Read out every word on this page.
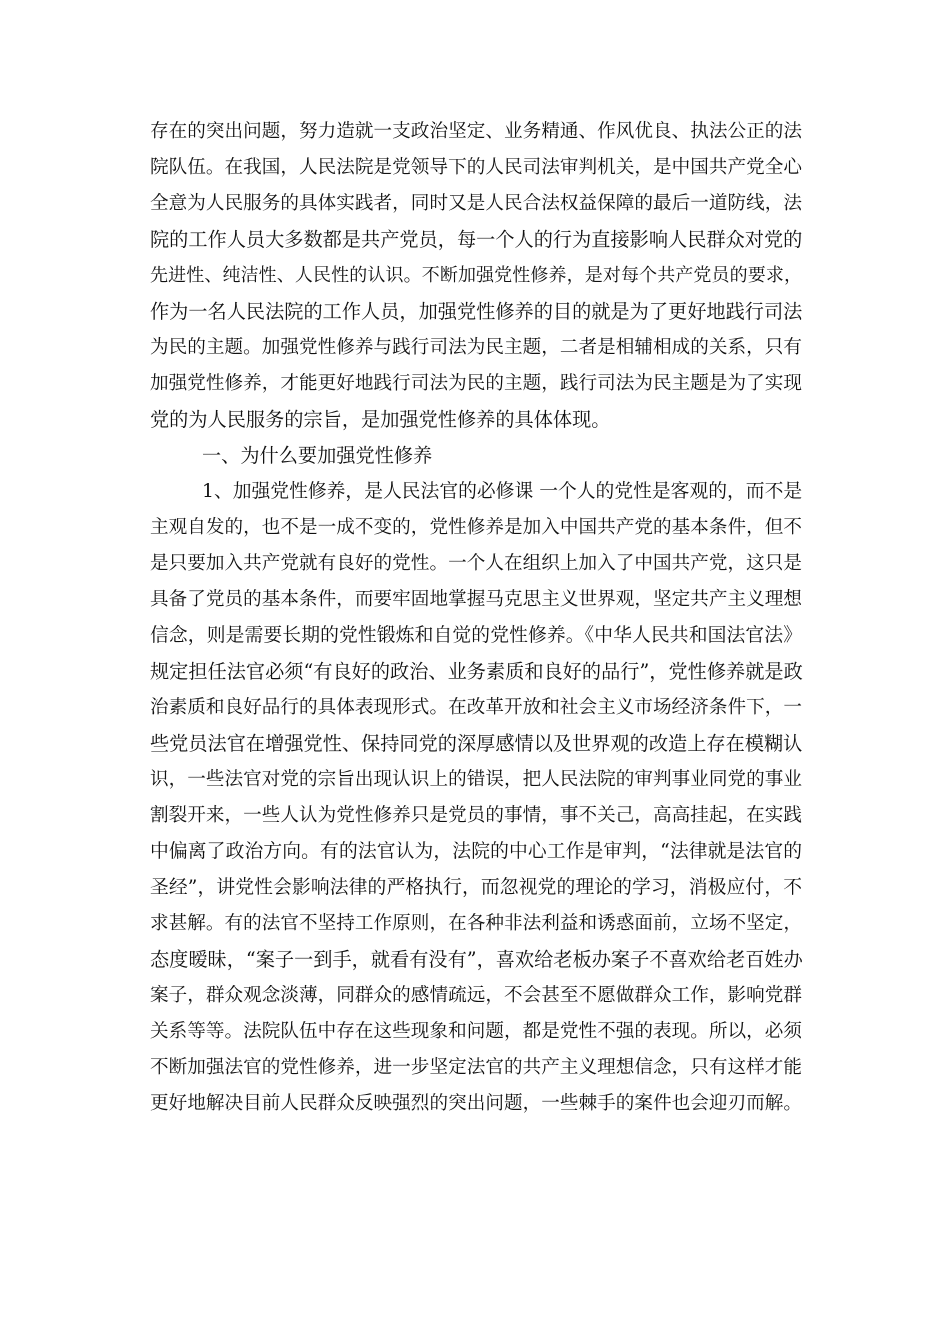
存在的突出问题，努力造就一支政治坚定、业务精通、作风优良、执法公正的法
院队伍。在我国，人民法院是党领导下的人民司法审判机关，是中国共产党全心
全意为人民服务的具体实践者，同时又是人民合法权益保障的最后一道防线，法
院的工作人员大多数都是共产党员，每一个人的行为直接影响人民群众对党的
先进性、纯洁性、人民性的认识。不断加强党性修养，是对每个共产党员的要求，
作为一名人民法院的工作人员，加强党性修养的目的就是为了更好地践行司法
为民的主题。加强党性修养与践行司法为民主题，二者是相辅相成的关系，只有
加强党性修养，才能更好地践行司法为民的主题，践行司法为民主题是为了实现
党的为人民服务的宗旨，是加强党性修养的具体体现。
一、为什么要加强党性修养
1、加强党性修养，是人民法官的必修课 一个人的党性是客观的，而不是
主观自发的，也不是一成不变的，党性修养是加入中国共产党的基本条件，但不
是只要加入共产党就有良好的党性。一个人在组织上加入了中国共产党，这只是
具备了党员的基本条件，而要牢固地掌握马克思主义世界观，坚定共产主义理想
信念，则是需要长期的党性锻炼和自觉的党性修养。《中华人民共和国法官法》
规定担任法官必须“有良好的政治、业务素质和良好的品行”，党性修养就是政
治素质和良好品行的具体表现形式。在改革开放和社会主义市场经济条件下，一
些党员法官在增强党性、保持同党的深厚感情以及世界观的改造上存在模糊认
识，一些法官对党的宗旨出现认识上的错误，把人民法院的审判事业同党的事业
割裂开来，一些人认为党性修养只是党员的事情，事不关己，高高挂起，在实践
中偏离了政治方向。有的法官认为，法院的中心工作是审判，“法律就是法官的
圣经”，讲党性会影响法律的严格执行，而忽视党的理论的学习，消极应付，不
求甚解。有的法官不坚持工作原则，在各种非法利益和诱惑面前，立场不坚定，
态度暧昧，“案子一到手，就看有没有”，喜欢给老板办案子不喜欢给老百姓办
案子，群众观念淡薄，同群众的感情疏远，不会甚至不愿做群众工作，影响党群
关系等等。法院队伍中存在这些现象和问题，都是党性不强的表现。所以，必须
不断加强法官的党性修养，进一步坚定法官的共产主义理想信念，只有这样才能
更好地解决目前人民群众反映强烈的突出问题，一些棘手的案件也会迎刃而解。
